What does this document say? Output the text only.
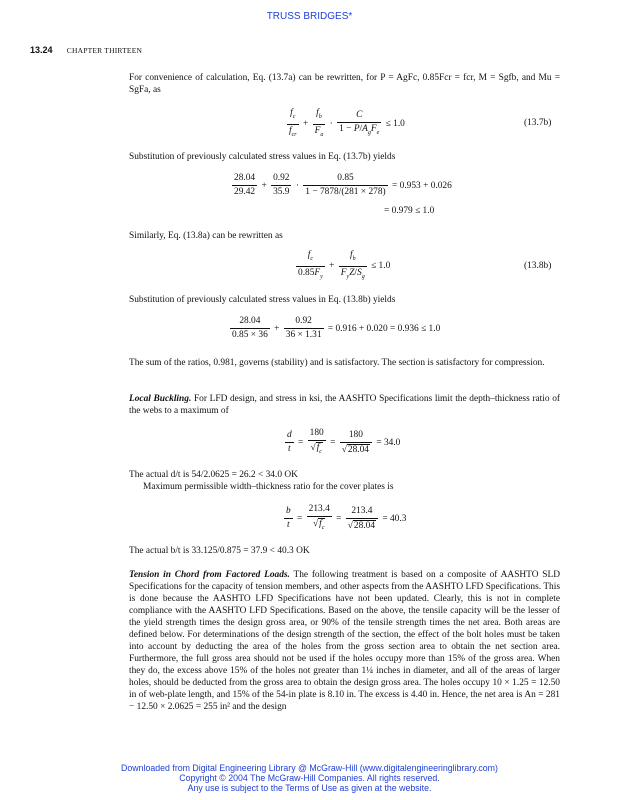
TRUSS BRIDGES*
13.24 CHAPTER THIRTEEN
For convenience of calculation, Eq. (13.7a) can be rewritten, for P = AgFc, 0.85Fcr = fcr, M = Sgfb, and Mu = SgFa, as
$\frac{f_c}{f_{cr}} + \frac{f_b}{F_a} \cdot \frac{C}{1 - P/A_gF_e} \le 1.0$	(13.7b)
Substitution of previously calculated stress values in Eq. (13.7b) yields
$\frac{28.04}{29.42} + \frac{0.92}{35.9} \cdot \frac{0.85}{1 - 7878/(281 \times 278)} = 0.953 + 0.026$
= 0.979 ≤ 1.0
Similarly, Eq. (13.8a) can be rewritten as
$\frac{f_c}{0.85F_y} + \frac{f_b}{F_yZ/S_g} \le 1.0$	(13.8b)
Substitution of previously calculated stress values in Eq. (13.8b) yields
$\frac{28.04}{0.85 \times 36} + \frac{0.92}{36 \times 1.31} = 0.916 + 0.020 = 0.936 \le 1.0$
The sum of the ratios, 0.981, governs (stability) and is satisfactory. The section is satisfactory for compression.
Local Buckling. For LFD design, and stress in ksi, the AASHTO Specifications limit the depth–thickness ratio of the webs to a maximum of
$\frac{d}{t} = \frac{180}{√f_c} = \frac{180}{√28.04} = 34.0$
The actual d/t is 54/2.0625 = 26.2 < 34.0 OK
Maximum permissible width–thickness ratio for the cover plates is
$\frac{b}{t} = \frac{213.4}{√f_c} = \frac{213.4}{√28.04} = 40.3$
The actual b/t is 33.125/0.875 = 37.9 < 40.3 OK
Tension in Chord from Factored Loads. The following treatment is based on a composite of AASHTO SLD Specifications for the capacity of tension members, and other aspects from the AASHTO LFD Specifications. This is done because the AASHTO LFD Specifications have not been updated. Clearly, this is not in complete compliance with the AASHTO LFD Specifications. Based on the above, the tensile capacity will be the lesser of the yield strength times the design gross area, or 90% of the tensile strength times the net area. Both areas are defined below. For determinations of the design strength of the section, the effect of the bolt holes must be taken into account by deducting the area of the holes from the gross section area to obtain the net section area. Furthermore, the full gross area should not be used if the holes occupy more than 15% of the gross area. When they do, the excess above 15% of the holes not greater than 1¼ inches in diameter, and all of the areas of larger holes, should be deducted from the gross area to obtain the design gross area. The holes occupy 10 × 1.25 = 12.50 in of web-plate length, and 15% of the 54-in plate is 8.10 in. The excess is 4.40 in. Hence, the net area is An = 281 − 12.50 × 2.0625 = 255 in² and the design
Downloaded from Digital Engineering Library @ McGraw-Hill (www.digitalengineeringlibrary.com)
Copyright © 2004 The McGraw-Hill Companies. All rights reserved.
Any use is subject to the Terms of Use as given at the website.
